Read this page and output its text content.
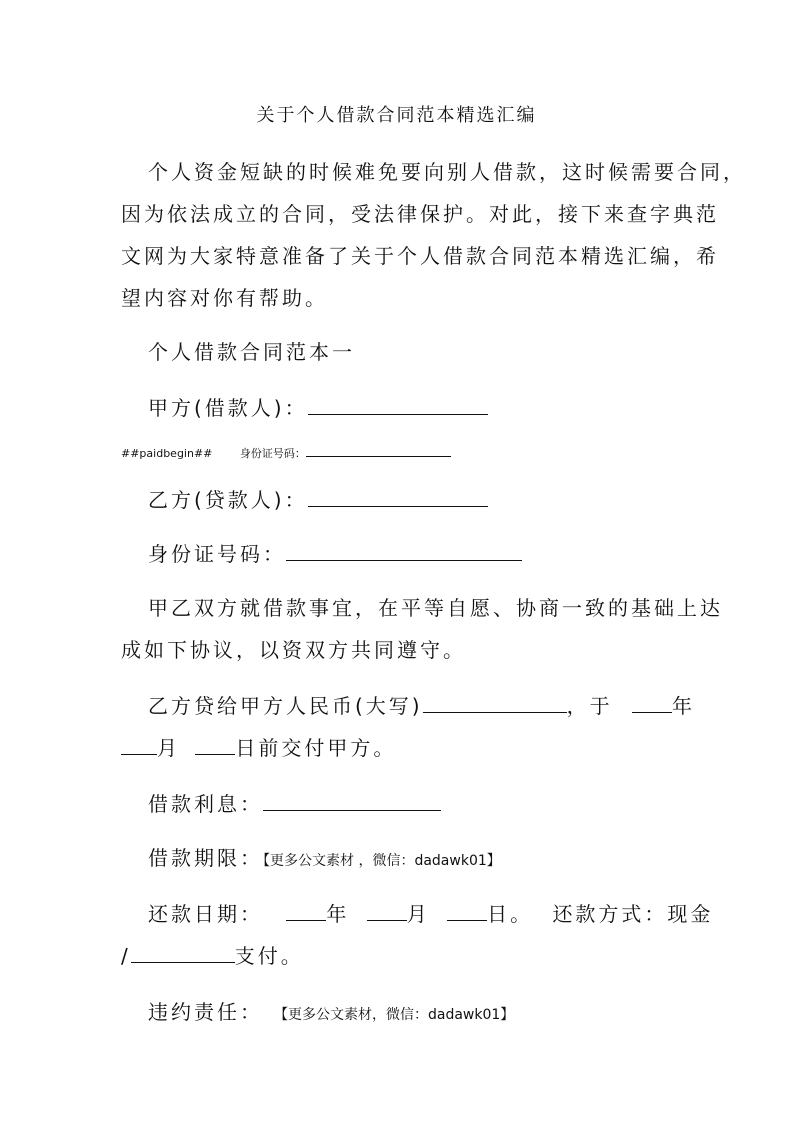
关于个人借款合同范本精选汇编
个人资金短缺的时候难免要向别人借款，这时候需要合同，
因为依法成立的合同，受法律保护。对此，接下来查字典范
文网为大家特意准备了关于个人借款合同范本精选汇编，希
望内容对你有帮助。
个人借款合同范本一
甲方(借款人)：
##paidbegin##	身份证号码：
乙方(贷款人)：
身份证号码：
甲乙双方就借款事宜，在平等自愿、协商一致的基础上达
成如下协议，以资双方共同遵守。
乙方贷给甲方人民币(大写)	，于	年
月	日前交付甲方。
借款利息：
借款期限：【更多公文素材 ，微信：dadawk01】
还款日期：	年	月	日。 还款方式：现金
/	支付。
违约责任： 【更多公文素材，微信：dadawk01】
